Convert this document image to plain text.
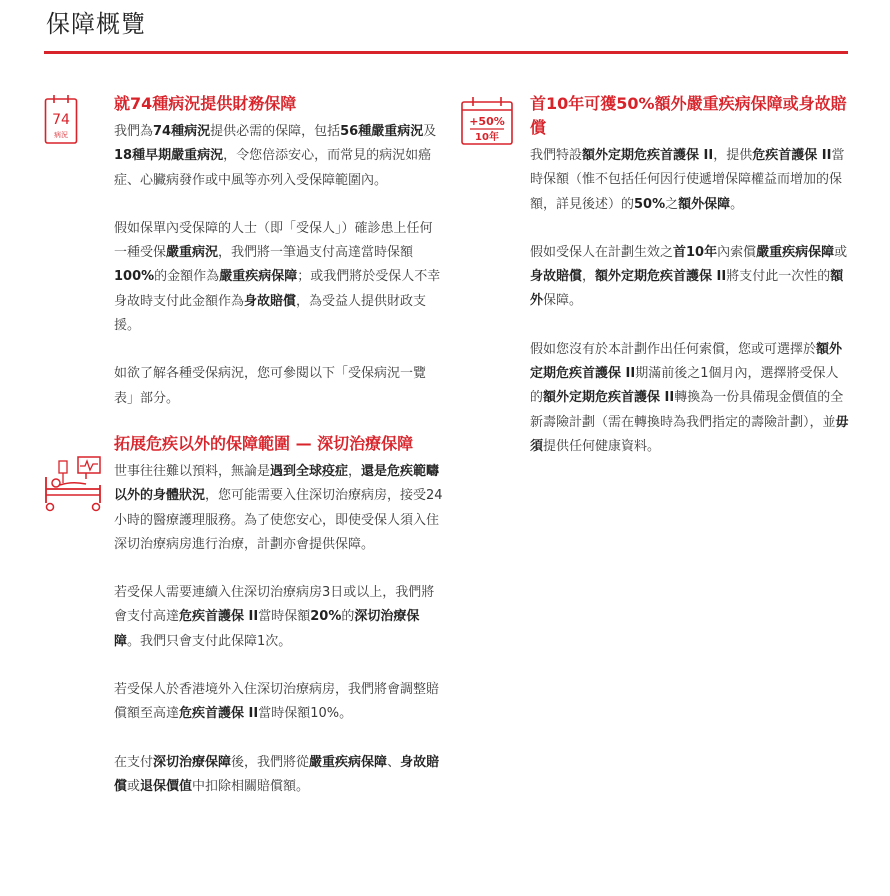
保障概覽
74
病況
+50%
10年
就74種病況提供財務保障

我們為74種病況提供必需的保障，包括56種嚴重病況及18種早期嚴重病況，令您倍添安心，而常見的病況如癌症、心臟病發作或中風等亦列入受保障範圍內。

假如保單內受保障的人士（即「受保人」）確診患上任何一種受保嚴重病況，我們將一筆過支付高達當時保額100%的金額作為嚴重疾病保障；或我們將於受保人不幸身故時支付此金額作為身故賠償，為受益人提供財政支援。

如欲了解各種受保病況，您可參閱以下「受保病況一覽表」部分。

拓展危疾以外的保障範圍 — 深切治療保障

世事往往難以預料，無論是遇到全球疫症，還是危疾範疇以外的身體狀況，您可能需要入住深切治療病房，接受24小時的醫療護理服務。為了使您安心，即使受保人須入住深切治療病房進行治療，計劃亦會提供保障。

若受保人需要連續入住深切治療病房3日或以上，我們將會支付高達危疾首護保 II當時保額20%的深切治療保障。我們只會支付此保障1次。

若受保人於香港境外入住深切治療病房，我們將會調整賠償額至高達危疾首護保 II當時保額10%。

在支付深切治療保障後，我們將從嚴重疾病保障、身故賠償或退保價值中扣除相關賠償額。

首10年可獲50%額外嚴重疾病保障或身故賠償

我們特設額外定期危疾首護保 II，提供危疾首護保 II當時保額（惟不包括任何因行使遞增保障權益而增加的保額，詳見後述）的50%之額外保障。

假如受保人在計劃生效之首10年內索償嚴重疾病保障或身故賠償，額外定期危疾首護保 II將支付此一次性的額外保障。

假如您沒有於本計劃作出任何索償，您或可選擇於額外定期危疾首護保 II期滿前後之1個月內，選擇將受保人的額外定期危疾首護保 II轉換為一份具備現金價值的全新壽險計劃（需在轉換時為我們指定的壽險計劃），並毋須提供任何健康資料。
